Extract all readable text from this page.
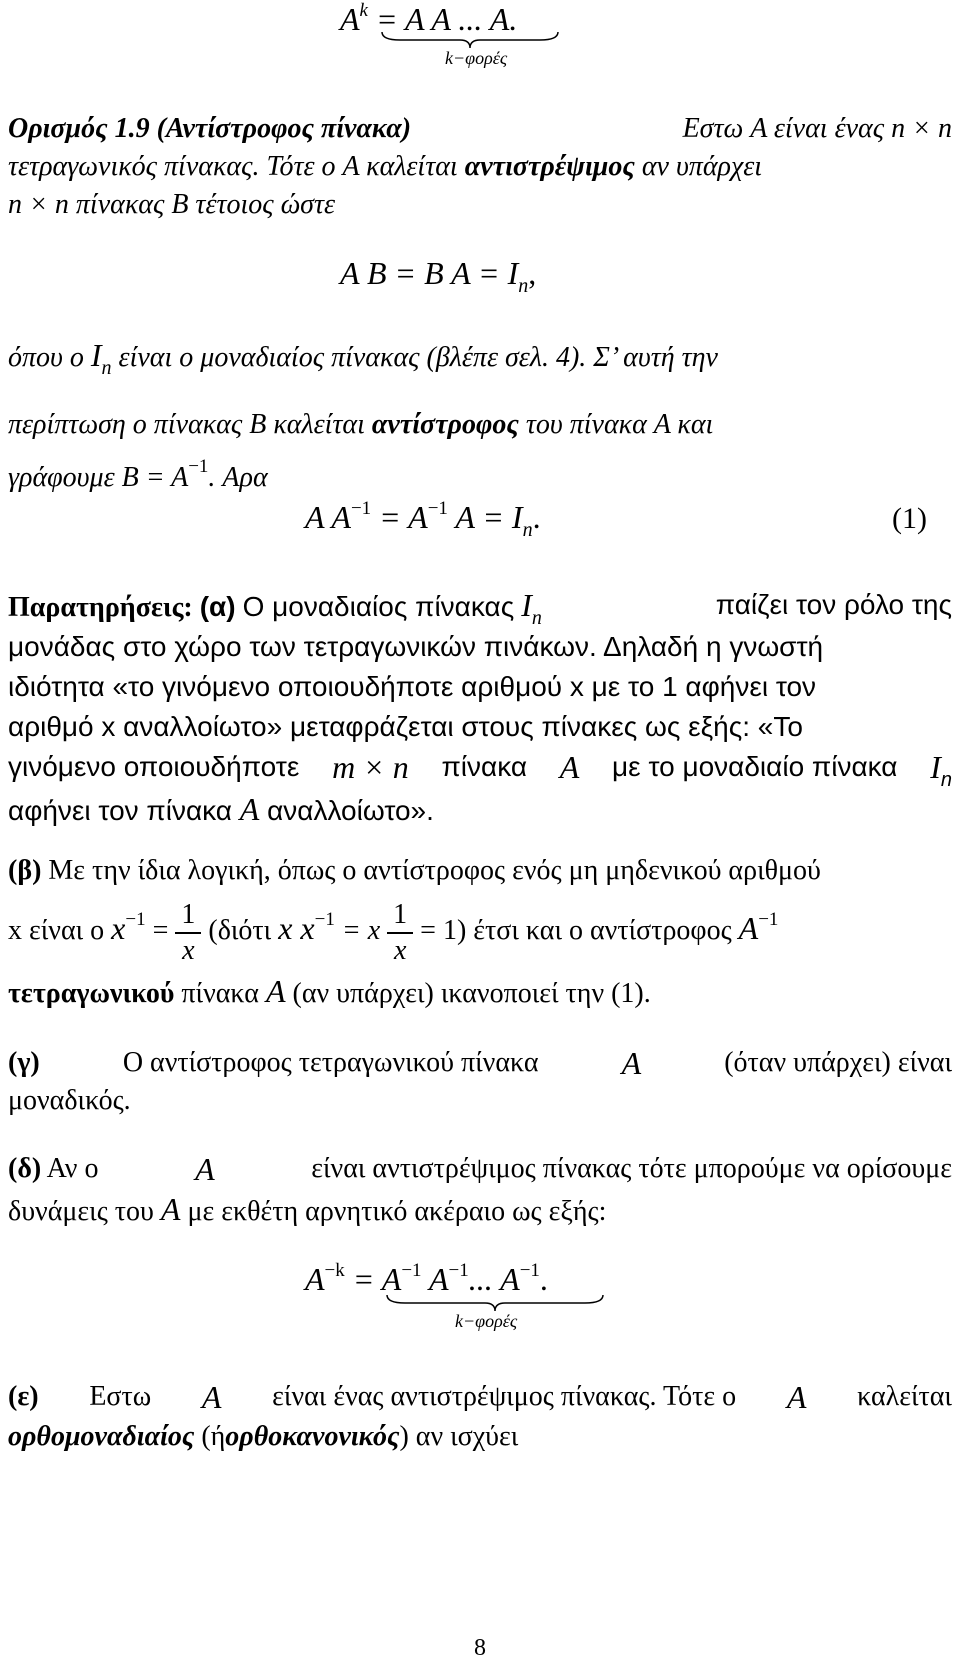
$A^k = A$ A ... A.
k−φορές
Ορισμός 1.9 (Αντίστροφος πίνακα)	Εστω A είναι ένας n × n
τετραγωνικός πίνακας. Τότε ο A καλείται αντιστρέψιμος αν υπάρχει
n × n πίνακας B τέτοιος ώστε
A B = B $A = I_n$,
όπου ο $I_n$ είναι ο μοναδιαίος πίνακας (βλέπε σελ. 4). Σ’ αυτή την
περίπτωση ο πίνακας B καλείται αντίστροφος του πίνακα A και
γράφουμε $B = A^{-1}$. Αρα
A $A^{-1} = A^{-1}$ $A = I_n$.	(1)
Παρατηρήσεις: (α) Ο μοναδιαίος πίνακας $I_n$	παίζει τον ρόλο της
μονάδας στο χώρο των τετραγωνικών πινάκων. Δηλαδή η γνωστή
ιδιότητα «το γινόμενο οποιουδήποτε αριθμού x με το 1 αφήνει τον
αριθμό x αναλλοίωτο» μεταφράζεται στους πίνακες ως εξής: «Το
γινόμενο οποιουδήποτε m × n πίνακα A με το μοναδιαίο πίνακα $I_n$
αφήνει τον πίνακα A αναλλοίωτο».
(β) Με την ίδια λογική, όπως ο αντίστροφος ενός μη μηδενικού αριθμού
x είναι ο $x^{-1} = \frac{1}{x} (\delta\iota ό\tau\iota$ x $x^{-1} = x \frac{1}{x} = 1$) έτσι και ο αντίστροφος $A^{-1}$
τετραγωνικού πίνακα A (αν υπάρχει) ικανοποιεί την (1).
(γ)	Ο αντίστροφος τετραγωνικού πίνακα	A	(όταν υπάρχει) είναι
μοναδικός.
(δ) Αν ο	A	είναι αντιστρέψιμος πίνακας τότε μπορούμε να ορίσουμε
δυνάμεις του A με εκθέτη αρνητικό ακέραιο ως εξής:
$A^{-k} = A^{-1}$ $A^{-1}$... $A^{-1}$.
k−φορές
(ε) Εστω A είναι ένας αντιστρέψιμος πίνακας. Τότε ο A καλείται
ορθομοναδιαίος (ήορθοκανονικός) αν ισχύει
8
